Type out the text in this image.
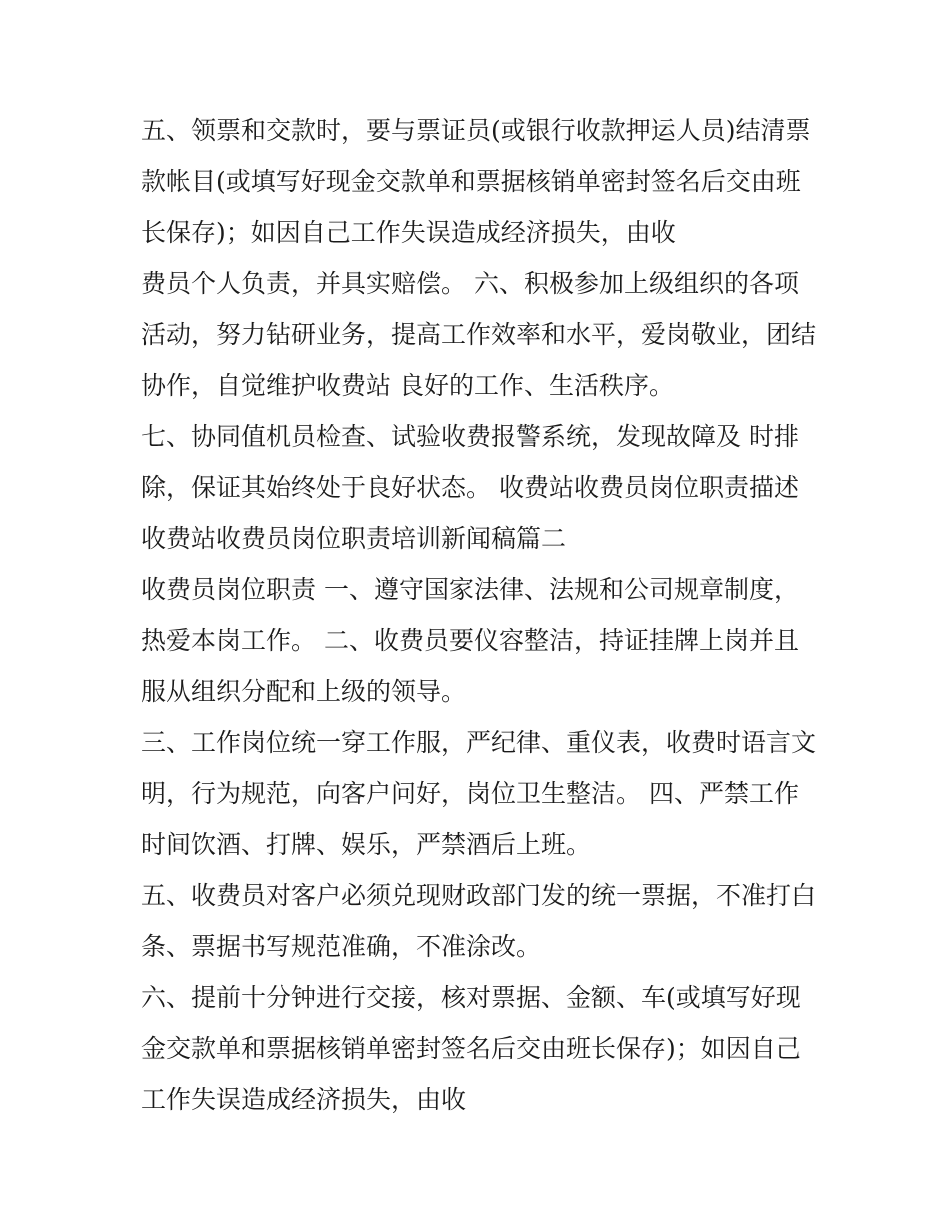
五、领票和交款时，要与票证员(或银行收款押运人员)结清票

款帐目(或填写好现金交款单和票据核销单密封签名后交由班

长保存)；如因自己工作失误造成经济损失，由收

费员个人负责，并具实赔偿。 六、积极参加上级组织的各项

活动，努力钻研业务，提高工作效率和水平，爱岗敬业，团结

协作，自觉维护收费站 良好的工作、生活秩序。

七、协同值机员检查、试验收费报警系统，发现故障及 时排

除，保证其始终处于良好状态。 收费站收费员岗位职责描述

收费站收费员岗位职责培训新闻稿篇二

收费员岗位职责 一、遵守国家法律、法规和公司规章制度，

热爱本岗工作。 二、收费员要仪容整洁，持证挂牌上岗并且

服从组织分配和上级的领导。

三、工作岗位统一穿工作服，严纪律、重仪表，收费时语言文

明，行为规范，向客户问好，岗位卫生整洁。 四、严禁工作

时间饮酒、打牌、娱乐，严禁酒后上班。

五、收费员对客户必须兑现财政部门发的统一票据，不准打白

条、票据书写规范准确，不准涂改。

六、提前十分钟进行交接，核对票据、金额、车(或填写好现

金交款单和票据核销单密封签名后交由班长保存)；如因自己

工作失误造成经济损失，由收
